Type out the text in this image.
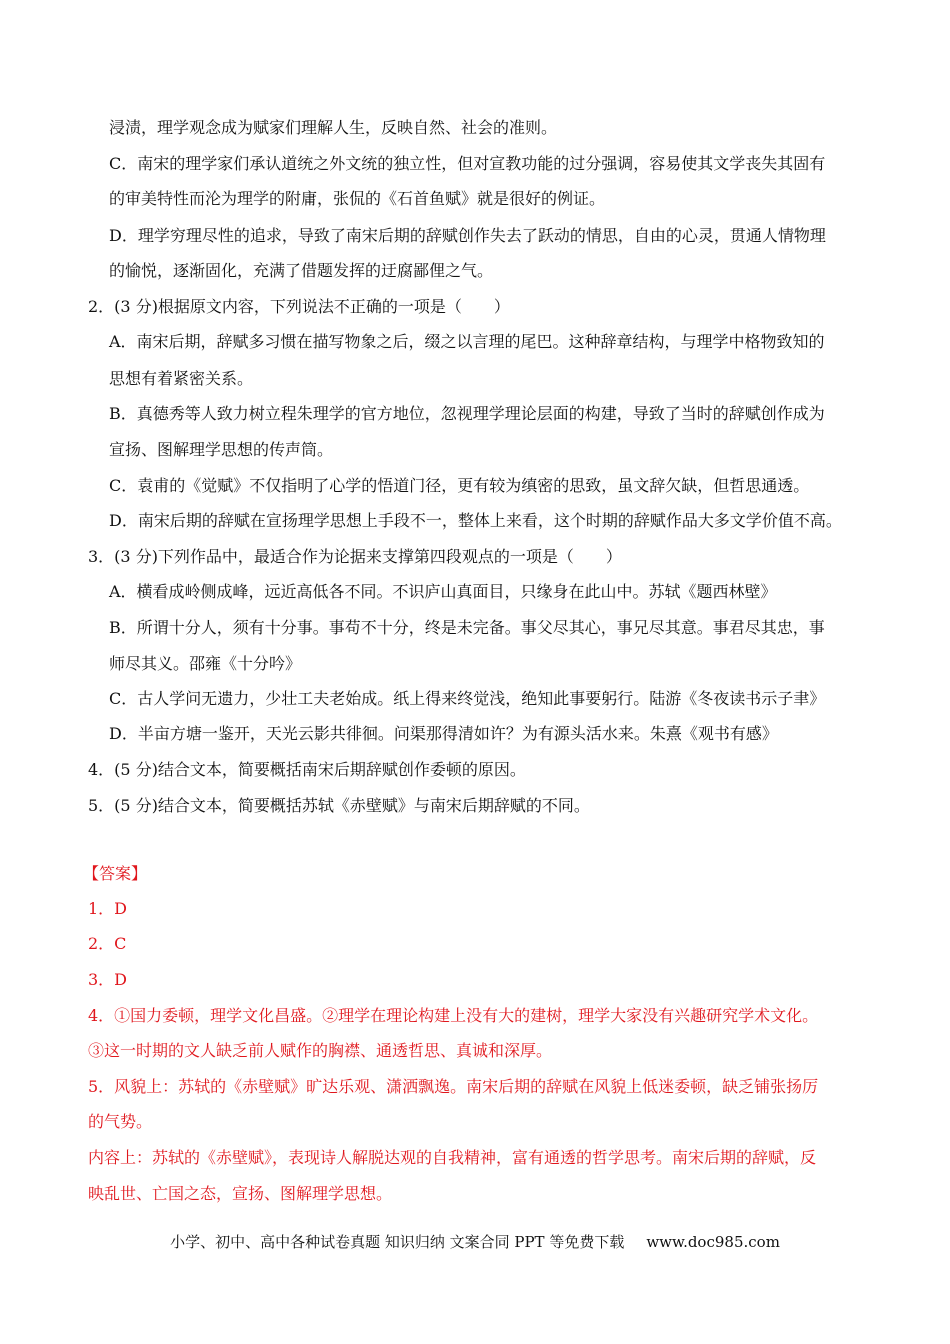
浸渍，理学观念成为赋家们理解人生，反映自然、社会的准则。
C．南宋的理学家们承认道统之外文统的独立性，但对宣教功能的过分强调，容易使其文学丧失其固有
的审美特性而沦为理学的附庸，张侃的《石首鱼赋》就是很好的例证。
D．理学穷理尽性的追求，导致了南宋后期的辞赋创作失去了跃动的情思，自由的心灵，贯通人情物理
的愉悦，逐渐固化，充满了借题发挥的迂腐鄙俚之气。
2．(3 分)根据原文内容，下列说法不正确的一项是（　　）
A．南宋后期，辞赋多习惯在描写物象之后，缀之以言理的尾巴。这种辞章结构，与理学中格物致知的
思想有着紧密关系。
B．真德秀等人致力树立程朱理学的官方地位，忽视理学理论层面的构建，导致了当时的辞赋创作成为
宣扬、图解理学思想的传声筒。
C．袁甫的《觉赋》不仅指明了心学的悟道门径，更有较为缜密的思致，虽文辞欠缺，但哲思通透。
D．南宋后期的辞赋在宣扬理学思想上手段不一，整体上来看，这个时期的辞赋作品大多文学价值不高。
3．(3 分)下列作品中，最适合作为论据来支撑第四段观点的一项是（　　）
A．横看成岭侧成峰，远近高低各不同。不识庐山真面目，只缘身在此山中。苏轼《题西林壁》
B．所谓十分人，须有十分事。事苟不十分，终是未完备。事父尽其心，事兄尽其意。事君尽其忠，事
师尽其义。邵雍《十分吟》
C．古人学问无遗力，少壮工夫老始成。纸上得来终觉浅，绝知此事要躬行。陆游《冬夜读书示子聿》
D．半亩方塘一鉴开，天光云影共徘徊。问渠那得清如许？为有源头活水来。朱熹《观书有感》
4．(5 分)结合文本，简要概括南宋后期辞赋创作委顿的原因。
5．(5 分)结合文本，简要概括苏轼《赤壁赋》与南宋后期辞赋的不同。
【答案】
1．D
2．C
3．D
4．①国力委顿，理学文化昌盛。②理学在理论构建上没有大的建树，理学大家没有兴趣研究学术文化。
③这一时期的文人缺乏前人赋作的胸襟、通透哲思、真诚和深厚。
5．风貌上：苏轼的《赤壁赋》旷达乐观、潇洒飘逸。南宋后期的辞赋在风貌上低迷委顿，缺乏铺张扬厉
的气势。
内容上：苏轼的《赤壁赋》，表现诗人解脱达观的自我精神，富有通透的哲学思考。南宋后期的辞赋，反
映乱世、亡国之态，宣扬、图解理学思想。
小学、初中、高中各种试卷真题 知识归纳 文案合同 PPT 等免费下载 www.doc985.com
